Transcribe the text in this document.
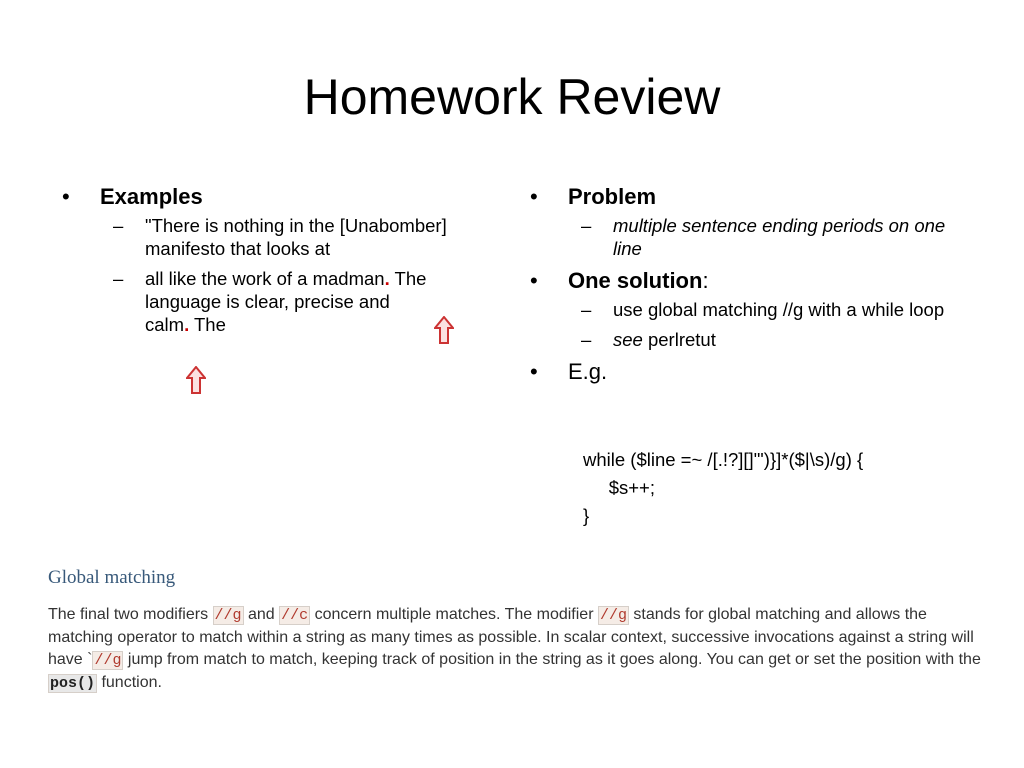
Homework Review
• Examples
– "There is nothing in the [Unabomber] manifesto that looks at
– all like the work of a madman. The language is clear, precise and
calm. The
• Problem
– multiple sentence ending periods on one line
• One solution:
– use global matching //g with a while loop
– see perlretut
• E.g.
while ($line =~ /[.!?][]"')}]*($|\s)/g) {
$s++;
}
Global matching
The final two modifiers //g and //c concern multiple matches. The modifier //g stands for global matching and allows the matching operator to match within a string as many times as possible. In scalar context, successive invocations against a string will have ` //g jump from match to match, keeping track of position in the string as it goes along. You can get or set the position with the pos() function.
